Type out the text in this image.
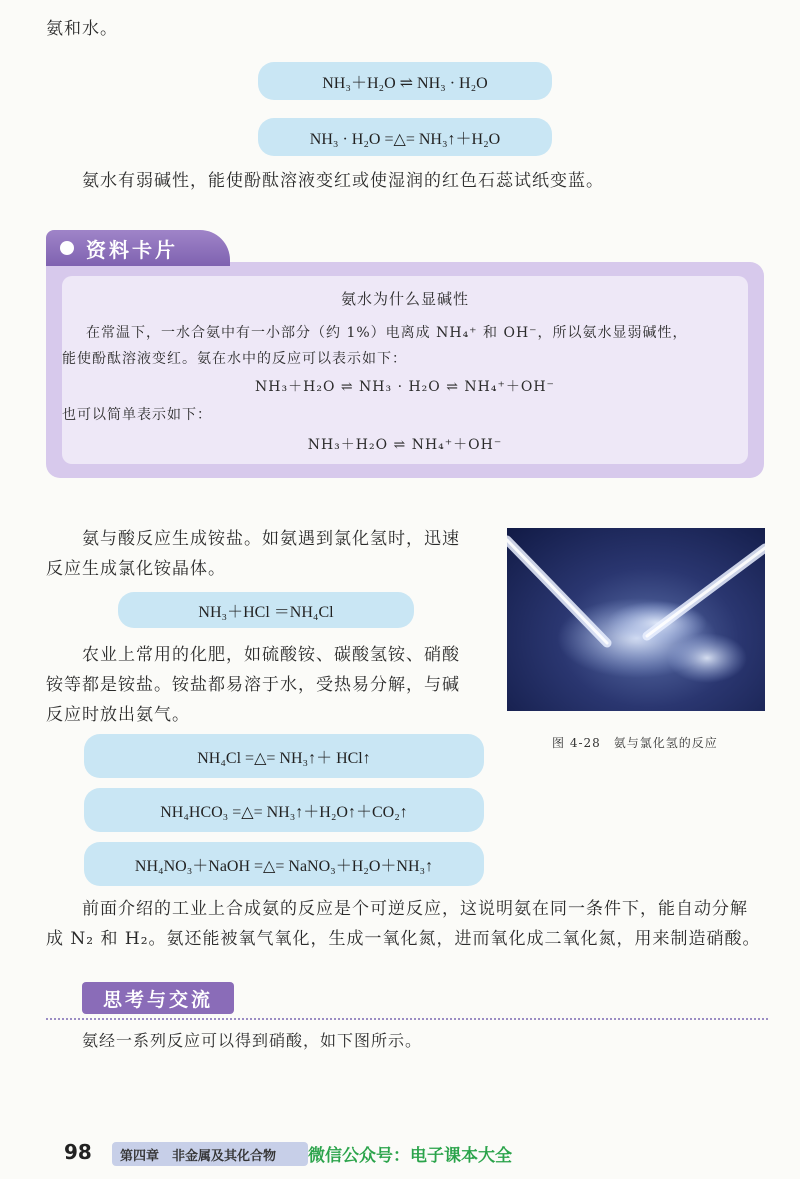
氨和水。
NH₃＋H₂O ⇌ NH₃ · H₂O
NH₃ · H₂O =△= NH₃↑＋H₂O
氨水有弱碱性，能使酚酞溶液变红或使湿润的红色石蕊试纸变蓝。
资料卡片
氨水为什么显碱性
在常温下，一水合氨中有一小部分（约 1%）电离成 NH₄⁺ 和 OH⁻，所以氨水显弱碱性，
能使酚酞溶液变红。氨在水中的反应可以表示如下：
NH₃＋H₂O ⇌ NH₃ · H₂O ⇌ NH₄⁺＋OH⁻
也可以简单表示如下：
NH₃＋H₂O ⇌ NH₄⁺＋OH⁻
氨与酸反应生成铵盐。如氨遇到氯化氢时，迅速
反应生成氯化铵晶体。
NH₃＋HCl ＝NH₄Cl
农业上常用的化肥，如硫酸铵、碳酸氢铵、硝酸
铵等都是铵盐。铵盐都易溶于水，受热易分解，与碱
反应时放出氨气。
图 4-28　氨与氯化氢的反应
NH₄Cl =△= NH₃↑＋ HCl↑
NH₄HCO₃ =△= NH₃↑＋H₂O↑＋CO₂↑
NH₄NO₃＋NaOH =△= NaNO₃＋H₂O＋NH₃↑
前面介绍的工业上合成氨的反应是个可逆反应，这说明氨在同一条件下，能自动分解
成 N₂ 和 H₂。氨还能被氧气氧化，生成一氧化氮，进而氧化成二氧化氮，用来制造硝酸。
思考与交流
氨经一系列反应可以得到硝酸，如下图所示。
98 第四章　非金属及其化合物 微信公众号：电子课本大全
